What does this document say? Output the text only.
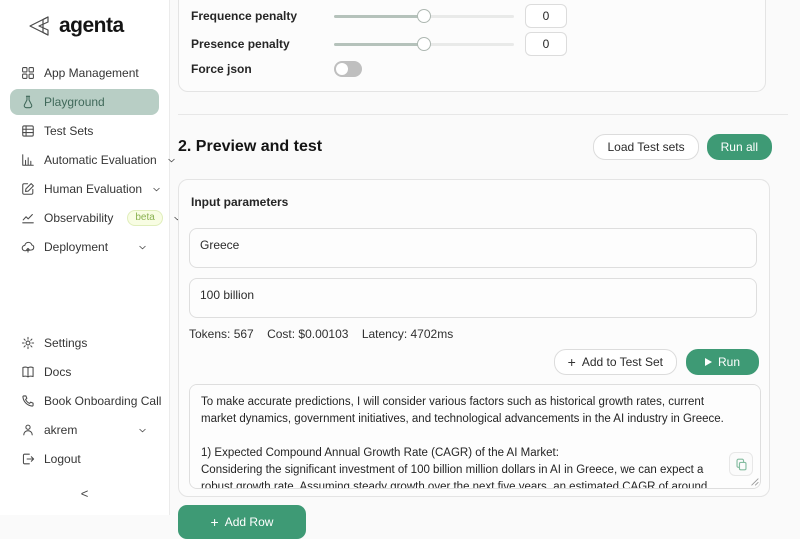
agenta
App Management
Playground
Test Sets
Automatic Evaluation
Human Evaluation
Observability	beta
Deployment
Settings
Docs
Book Onboarding Call
akrem
Logout
<
Frequence penalty
0
Presence penalty
0
Force json
2. Preview and test	Load Test sets	Run all
Input parameters
Greece
100 billion
Tokens: 567 Cost: $0.00103 Latency: 4702ms
+ Add to Test Set	Run
To make accurate predictions, I will consider various factors such as historical growth rates, current market dynamics, government initiatives, and technological advancements in the AI industry in Greece. 1) Expected Compound Annual Growth Rate (CAGR) of the AI Market: Considering the significant investment of 100 billion million dollars in AI in Greece, we can expect a robust growth rate. Assuming steady growth over the next five years, an estimated CAGR of around 30% to 35% could be anticipated.
+ Add Row
